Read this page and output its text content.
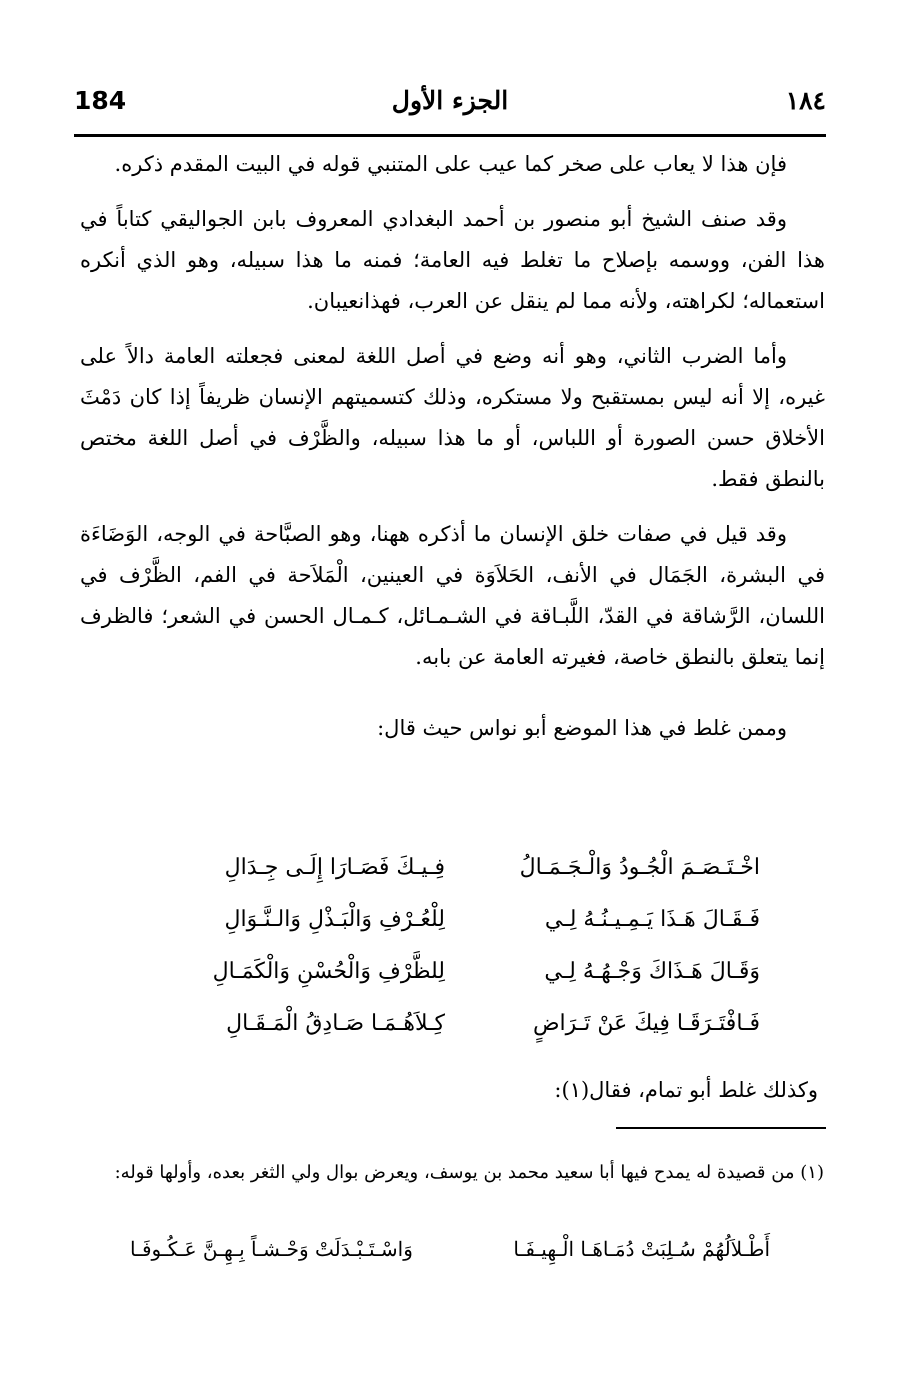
184	الجزء الأول	١٨٤

فإن هذا لا يعاب على صخر كما عيب على المتنبي قوله في البيت المقدم ذكره.

وقد صنف الشيخ أبو منصور بن أحمد البغدادي المعروف بابن الجواليقي كتاباً في هذا الفن، ووسمه بإصلاح ما تغلط فيه العامة؛ فمنه ما هذا سبيله، وهو الذي أنكره استعماله؛ لكراهته، ولأنه مما لم ينقل عن العرب، فهذانعيبان.

وأما الضرب الثاني، وهو أنه وضع في أصل اللغة لمعنى فجعلته العامة دالاً على غيره، إلا أنه ليس بمستقبح ولا مستكره، وذلك كتسميتهم الإنسان ظريفاً إذا كان دَمْثَ الأخلاق حسن الصورة أو اللباس، أو ما هذا سبيله، والظَّرْف في أصل اللغة مختص بالنطق فقط.

وقد قيل في صفات خلق الإنسان ما أذكره ههنا، وهو الصبَّاحة في الوجه، الوَضَاءَة في البشرة، الجَمَال في الأنف، الحَلاَوَة في العينين، الْمَلاَحة في الفم، الظَّرْف في اللسان، الرَّشاقة في القدّ، اللَّبـاقة في الشـمـائل، كـمـال الحسن في الشعر؛ فالظرف إنما يتعلق بالنطق خاصة، فغيرته العامة عن بابه.

وممن غلط في هذا الموضع أبو نواس حيث قال:

اخْـتَـصَـمَ الْجُـودُ وَالْـجَـمَـالُ
فِـيـكَ فَصَـارَا إِلَـى جِـدَالِ
فَـقَـالَ هَـذَا يَـمِـيـنُـهُ لِـي
لِلْعُـرْفِ وَالْبَـذْلِ وَالـنَّـوَالِ
وَقَـالَ هَـذَاكَ وَجْـهُـهُ لِـي
لِلظَّرْفِ وَالْحُسْنِ وَالْكَمَـالِ
فَـافْتَـرَقَـا فِيكَ عَنْ تَـرَاضٍ
كِـلاَهُـمَـا صَـادِقُ الْمَـقَـالِ
وكذلك غلط أبو تمام، فقال(١):
(١) من قصيدة له يمدح فيها أبا سعيد محمد بن يوسف، ويعرض بوال ولي الثغر بعده، وأولها قوله:
أَطْـلاَلُهُمْ سُـلِبَتْ دُمَـاهَـا الْـهِيـفَـا
وَاسْـتَـبْـدَلَتْ وَحْـشـاً بِـهِـنَّ عَـكُـوفَـا
